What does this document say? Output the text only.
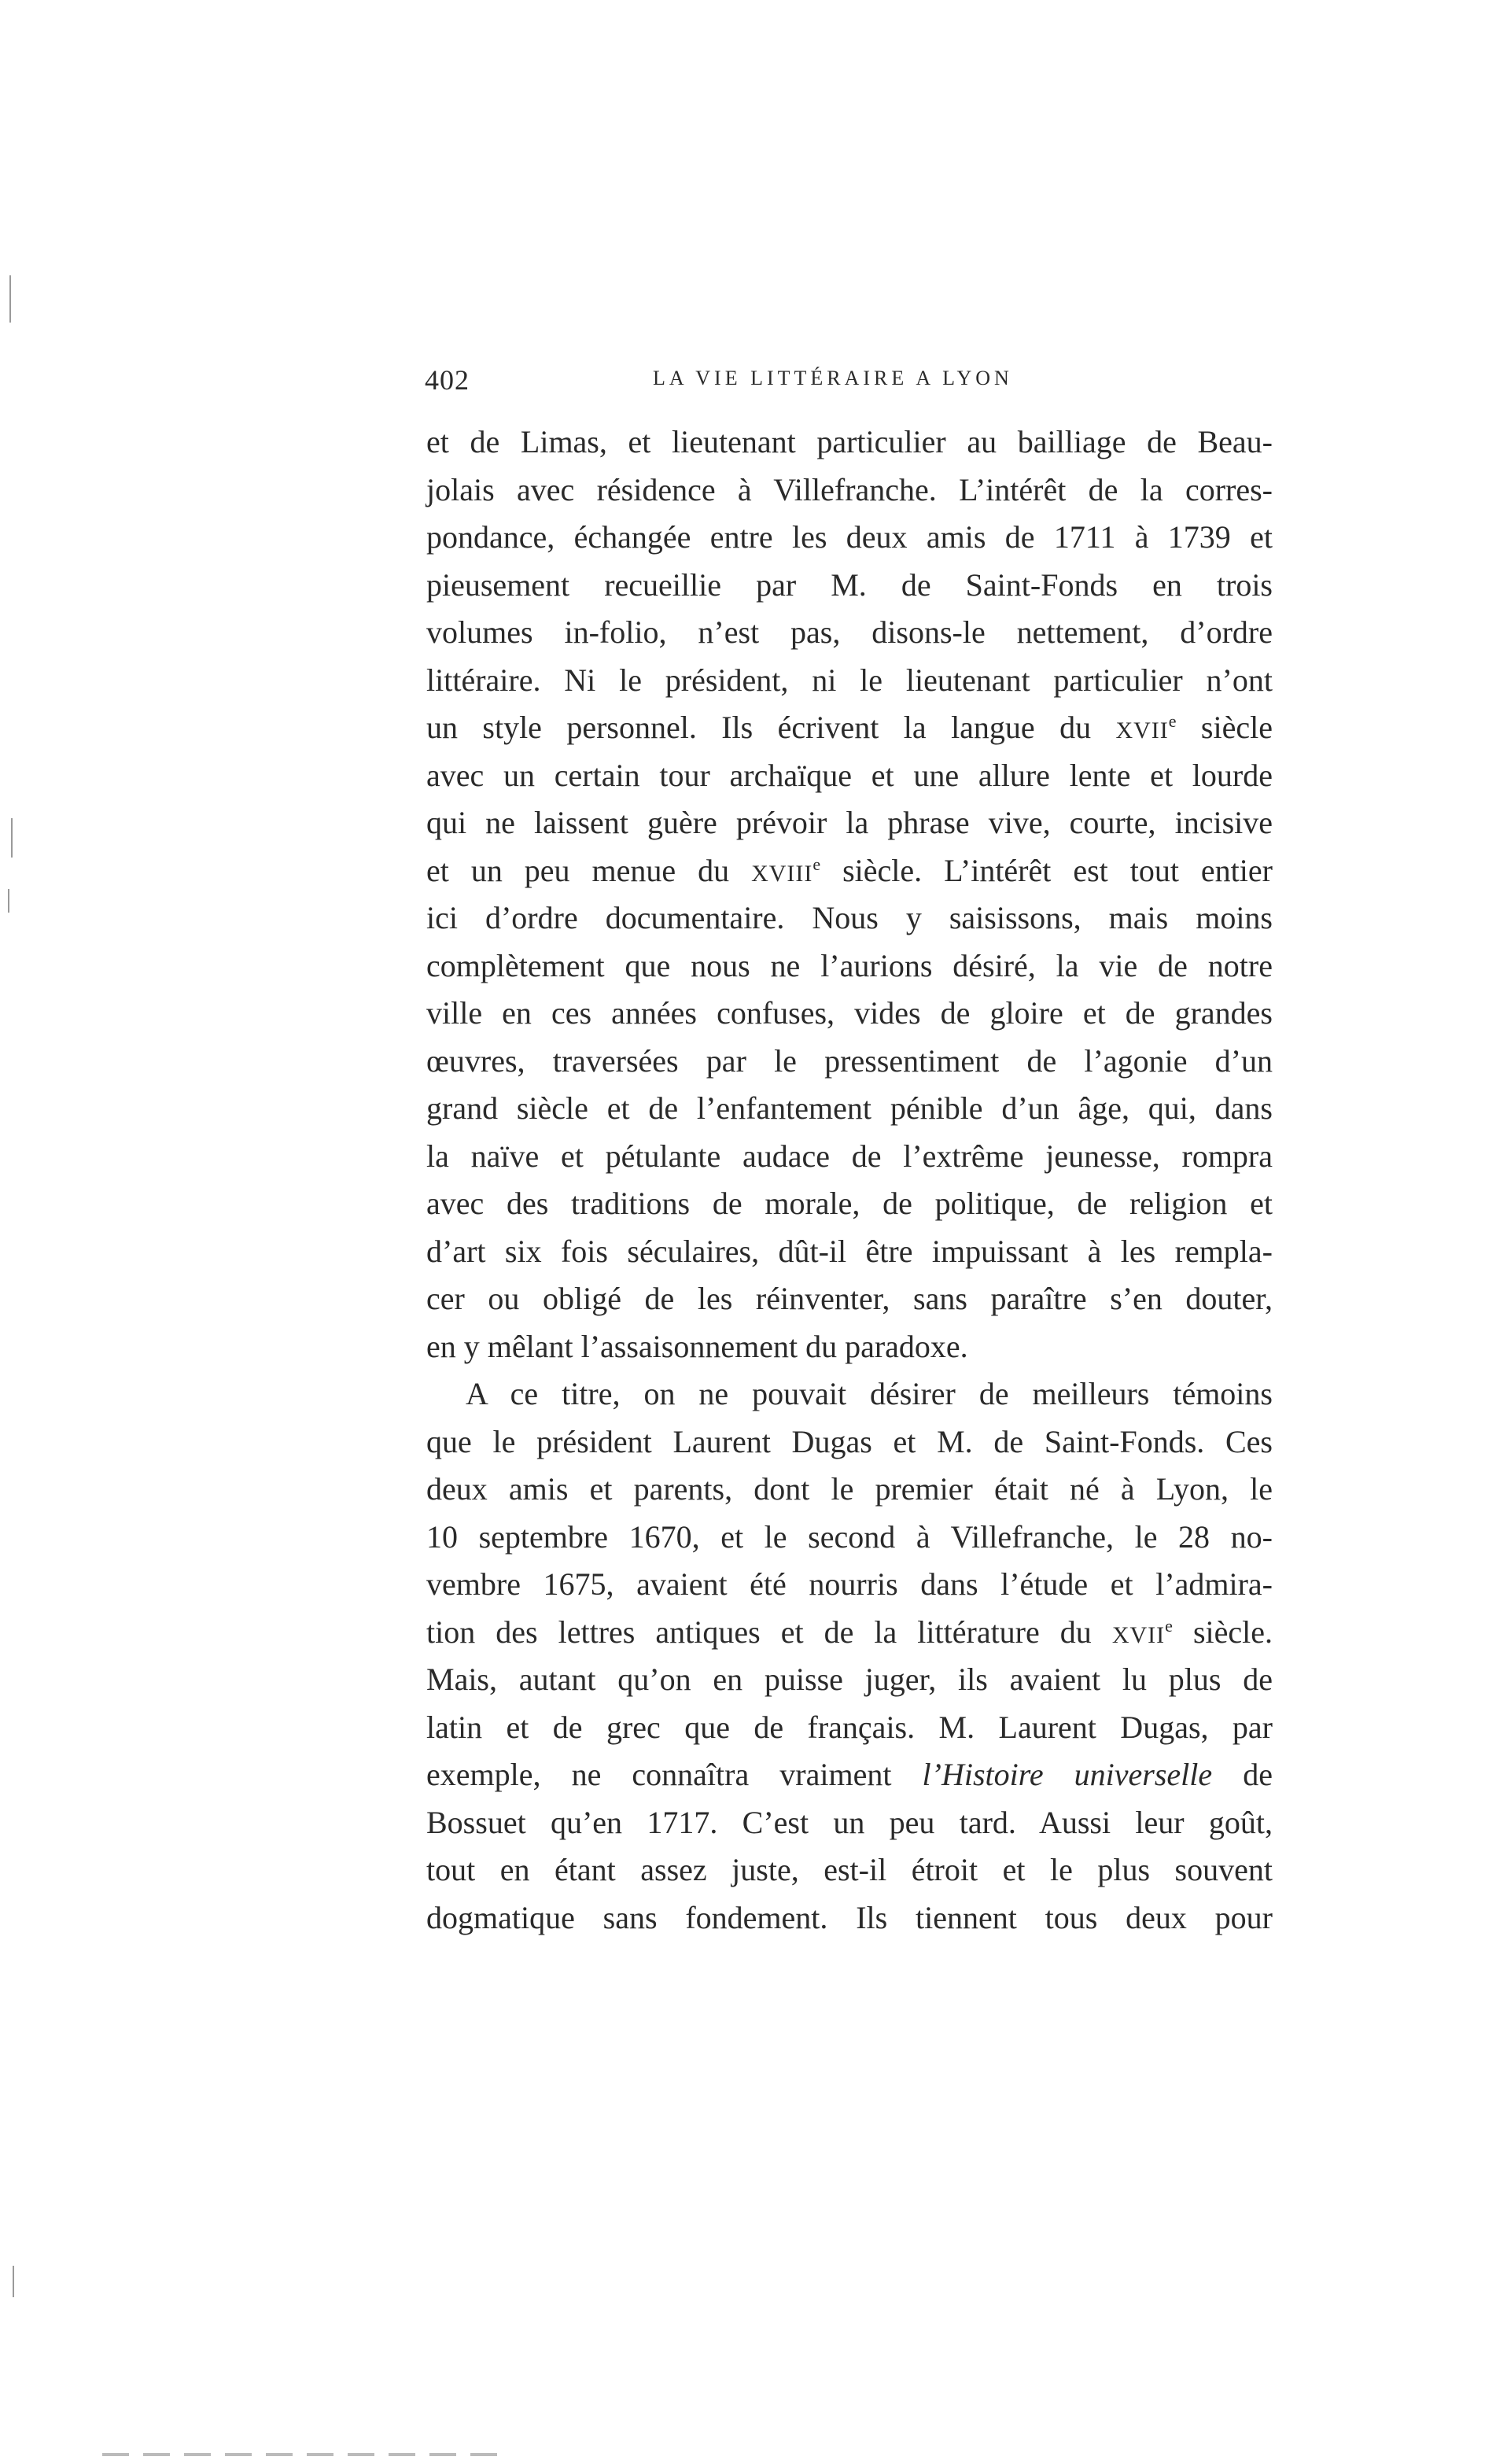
402	LA VIE LITTÉRAIRE A LYON
et de Limas, et lieutenant particulier au bailliage de Beau-
jolais avec résidence à Villefranche. L’intérêt de la corres-
pondance, échangée entre les deux amis de 1711 à 1739 et
pieusement recueillie par M. de Saint-Fonds en trois
volumes in-folio, n’est pas, disons-le nettement, d’ordre
littéraire. Ni le président, ni le lieutenant particulier n’ont
un style personnel. Ils écrivent la langue du XVIIe siècle
avec un certain tour archaïque et une allure lente et lourde
qui ne laissent guère prévoir la phrase vive, courte, incisive
et un peu menue du XVIIIe siècle. L’intérêt est tout entier
ici d’ordre documentaire. Nous y saisissons, mais moins
complètement que nous ne l’aurions désiré, la vie de notre
ville en ces années confuses, vides de gloire et de grandes
œuvres, traversées par le pressentiment de l’agonie d’un
grand siècle et de l’enfantement pénible d’un âge, qui, dans
la naïve et pétulante audace de l’extrême jeunesse, rompra
avec des traditions de morale, de politique, de religion et
d’art six fois séculaires, dût-il être impuissant à les rempla-
cer ou obligé de les réinventer, sans paraître s’en douter,
en y mêlant l’assaisonnement du paradoxe.
A ce titre, on ne pouvait désirer de meilleurs témoins
que le président Laurent Dugas et M. de Saint-Fonds. Ces
deux amis et parents, dont le premier était né à Lyon, le
10 septembre 1670, et le second à Villefranche, le 28 no-
vembre 1675, avaient été nourris dans l’étude et l’admira-
tion des lettres antiques et de la littérature du XVIIe siècle.
Mais, autant qu’on en puisse juger, ils avaient lu plus de
latin et de grec que de français. M. Laurent Dugas, par
exemple, ne connaîtra vraiment l’Histoire universelle de
Bossuet qu’en 1717. C’est un peu tard. Aussi leur goût,
tout en étant assez juste, est-il étroit et le plus souvent
dogmatique sans fondement. Ils tiennent tous deux pour
